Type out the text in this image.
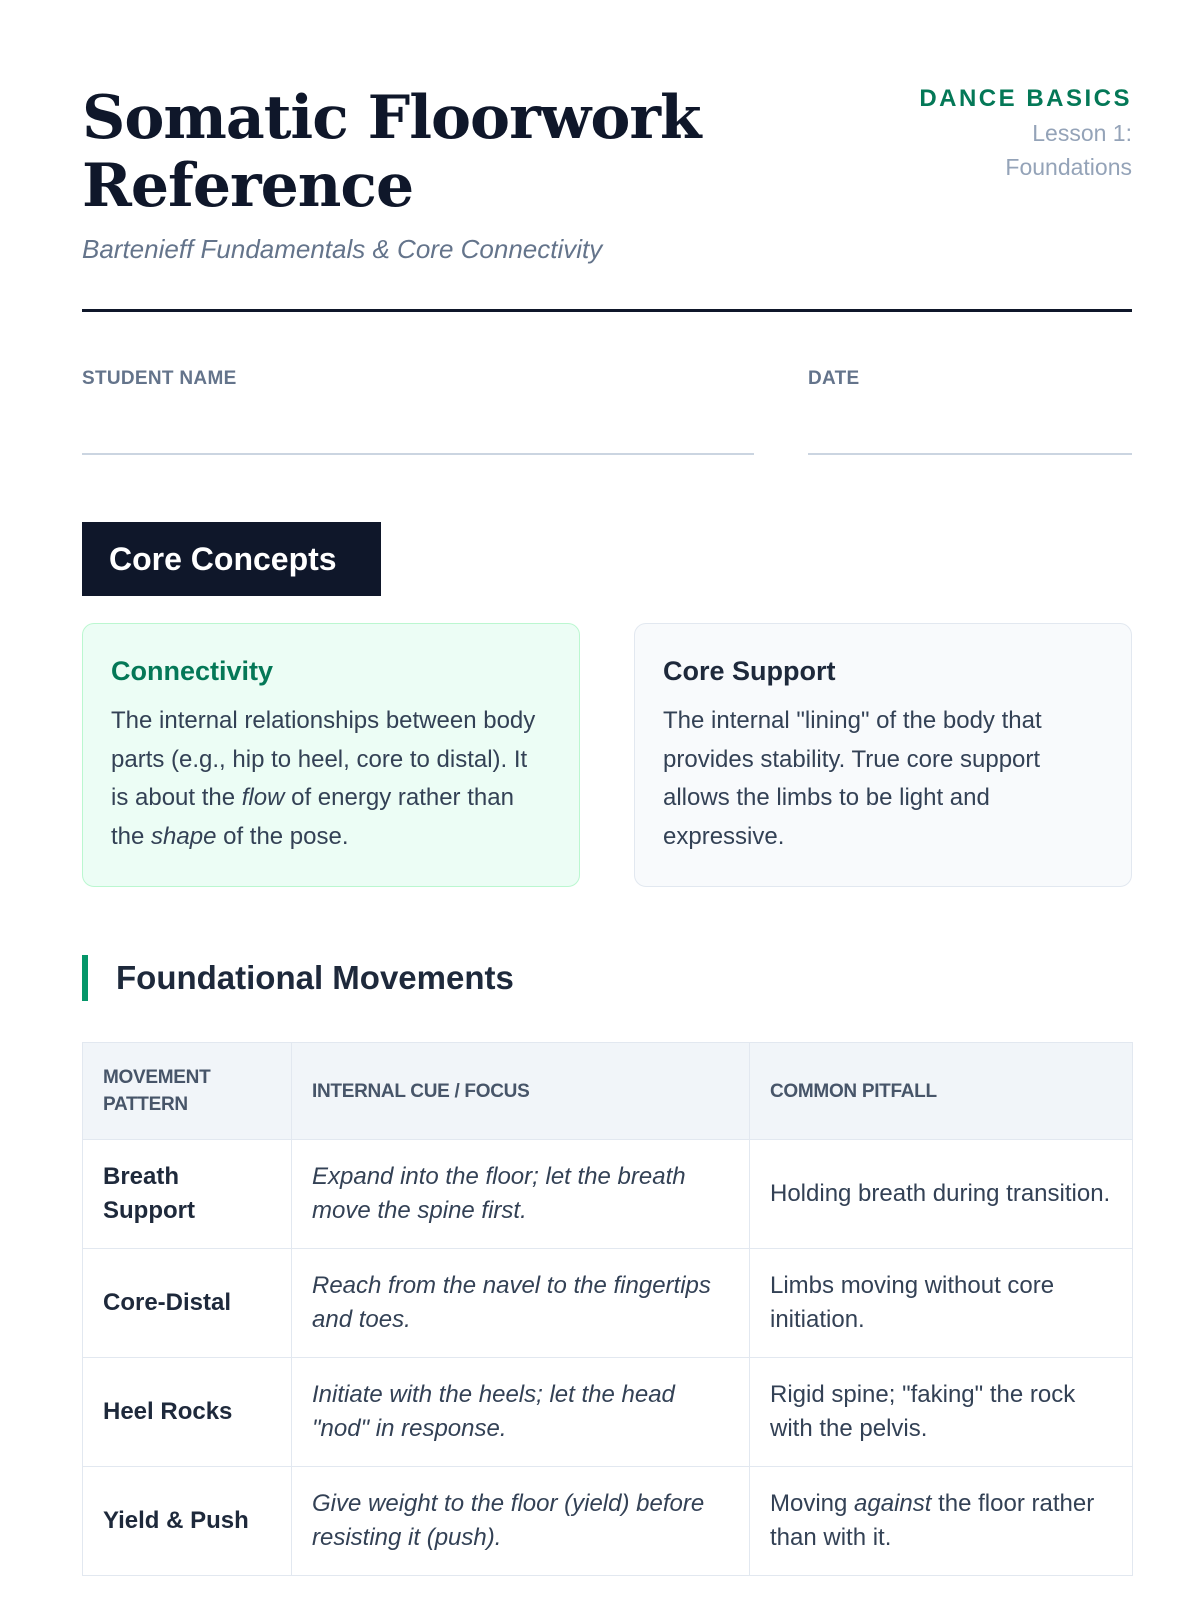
Somatic Floorwork Reference
Bartenieff Fundamentals & Core Connectivity
DANCE BASICS
Lesson 1: Foundations
STUDENT NAME	DATE
Core Concepts
Connectivity

The internal relationships between body parts (e.g., hip to heel, core to distal). It is about the flow of energy rather than the shape of the pose.

Core Support

The internal "lining" of the body that provides stability. True core support allows the limbs to be light and expressive.

Foundational Movements
MOVEMENT PATTERN	INTERNAL CUE / FOCUS	COMMON PITFALL
Breath Support	Expand into the floor; let the breath move the spine first.	Holding breath during transition.
Core-Distal	Reach from the navel to the fingertips and toes.	Limbs moving without core initiation.
Heel Rocks	Initiate with the heels; let the head "nod" in response.	Rigid spine; "faking" the rock with the pelvis.
Yield & Push	Give weight to the floor (yield) before resisting it (push).	Moving against the floor rather than with it.
